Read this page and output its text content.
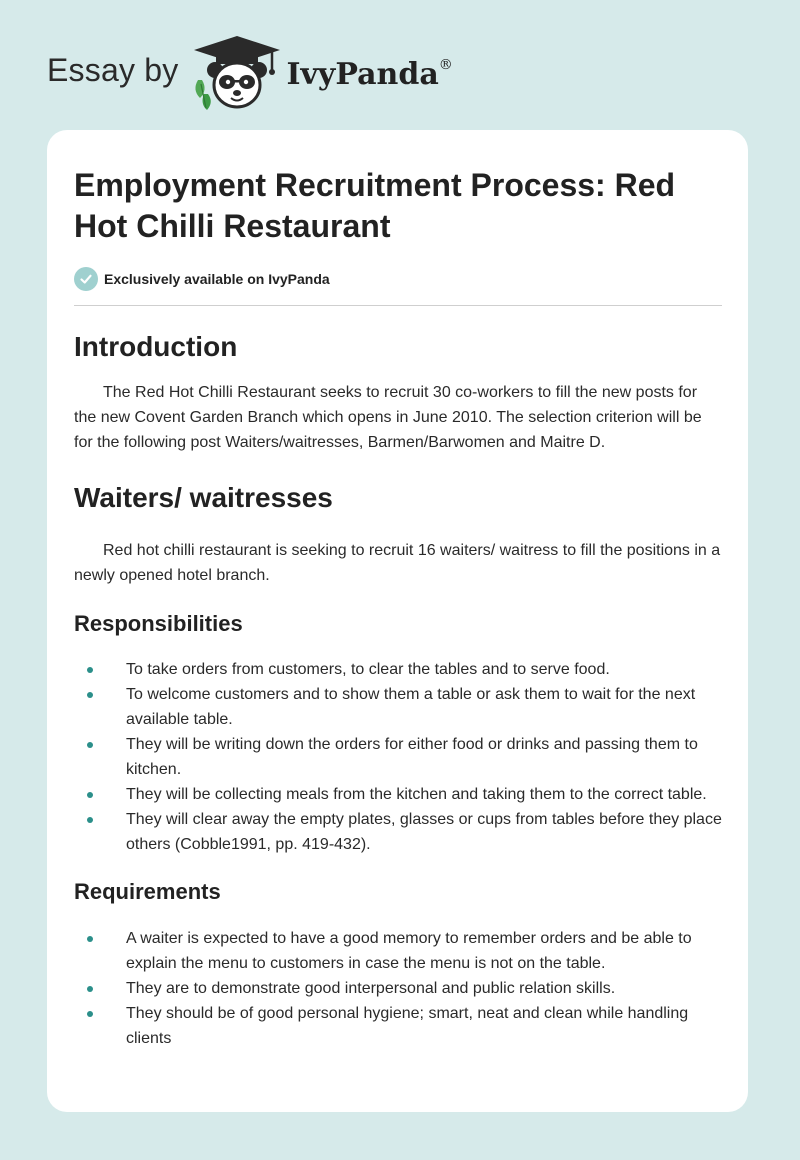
Essay by	IvyPanda®
Employment Recruitment Process: Red Hot Chilli Restaurant
Exclusively available on IvyPanda
Introduction

The Red Hot Chilli Restaurant seeks to recruit 30 co-workers to fill the new posts for the new Covent Garden Branch which opens in June 2010. The selection criterion will be for the following post Waiters/waitresses, Barmen/Barwomen and Maitre D.

Waiters/ waitresses

Red hot chilli restaurant is seeking to recruit 16 waiters/ waitress to fill the positions in a newly opened hotel branch.

Responsibilities
To take orders from customers, to clear the tables and to serve food.
To welcome customers and to show them a table or ask them to wait for the next available table.
They will be writing down the orders for either food or drinks and passing them to kitchen.
They will be collecting meals from the kitchen and taking them to the correct table.
They will clear away the empty plates, glasses or cups from tables before they place others (Cobble1991, pp. 419-432).
Requirements
A waiter is expected to have a good memory to remember orders and be able to explain the menu to customers in case the menu is not on the table.
They are to demonstrate good interpersonal and public relation skills.
They should be of good personal hygiene; smart, neat and clean while handling clients
